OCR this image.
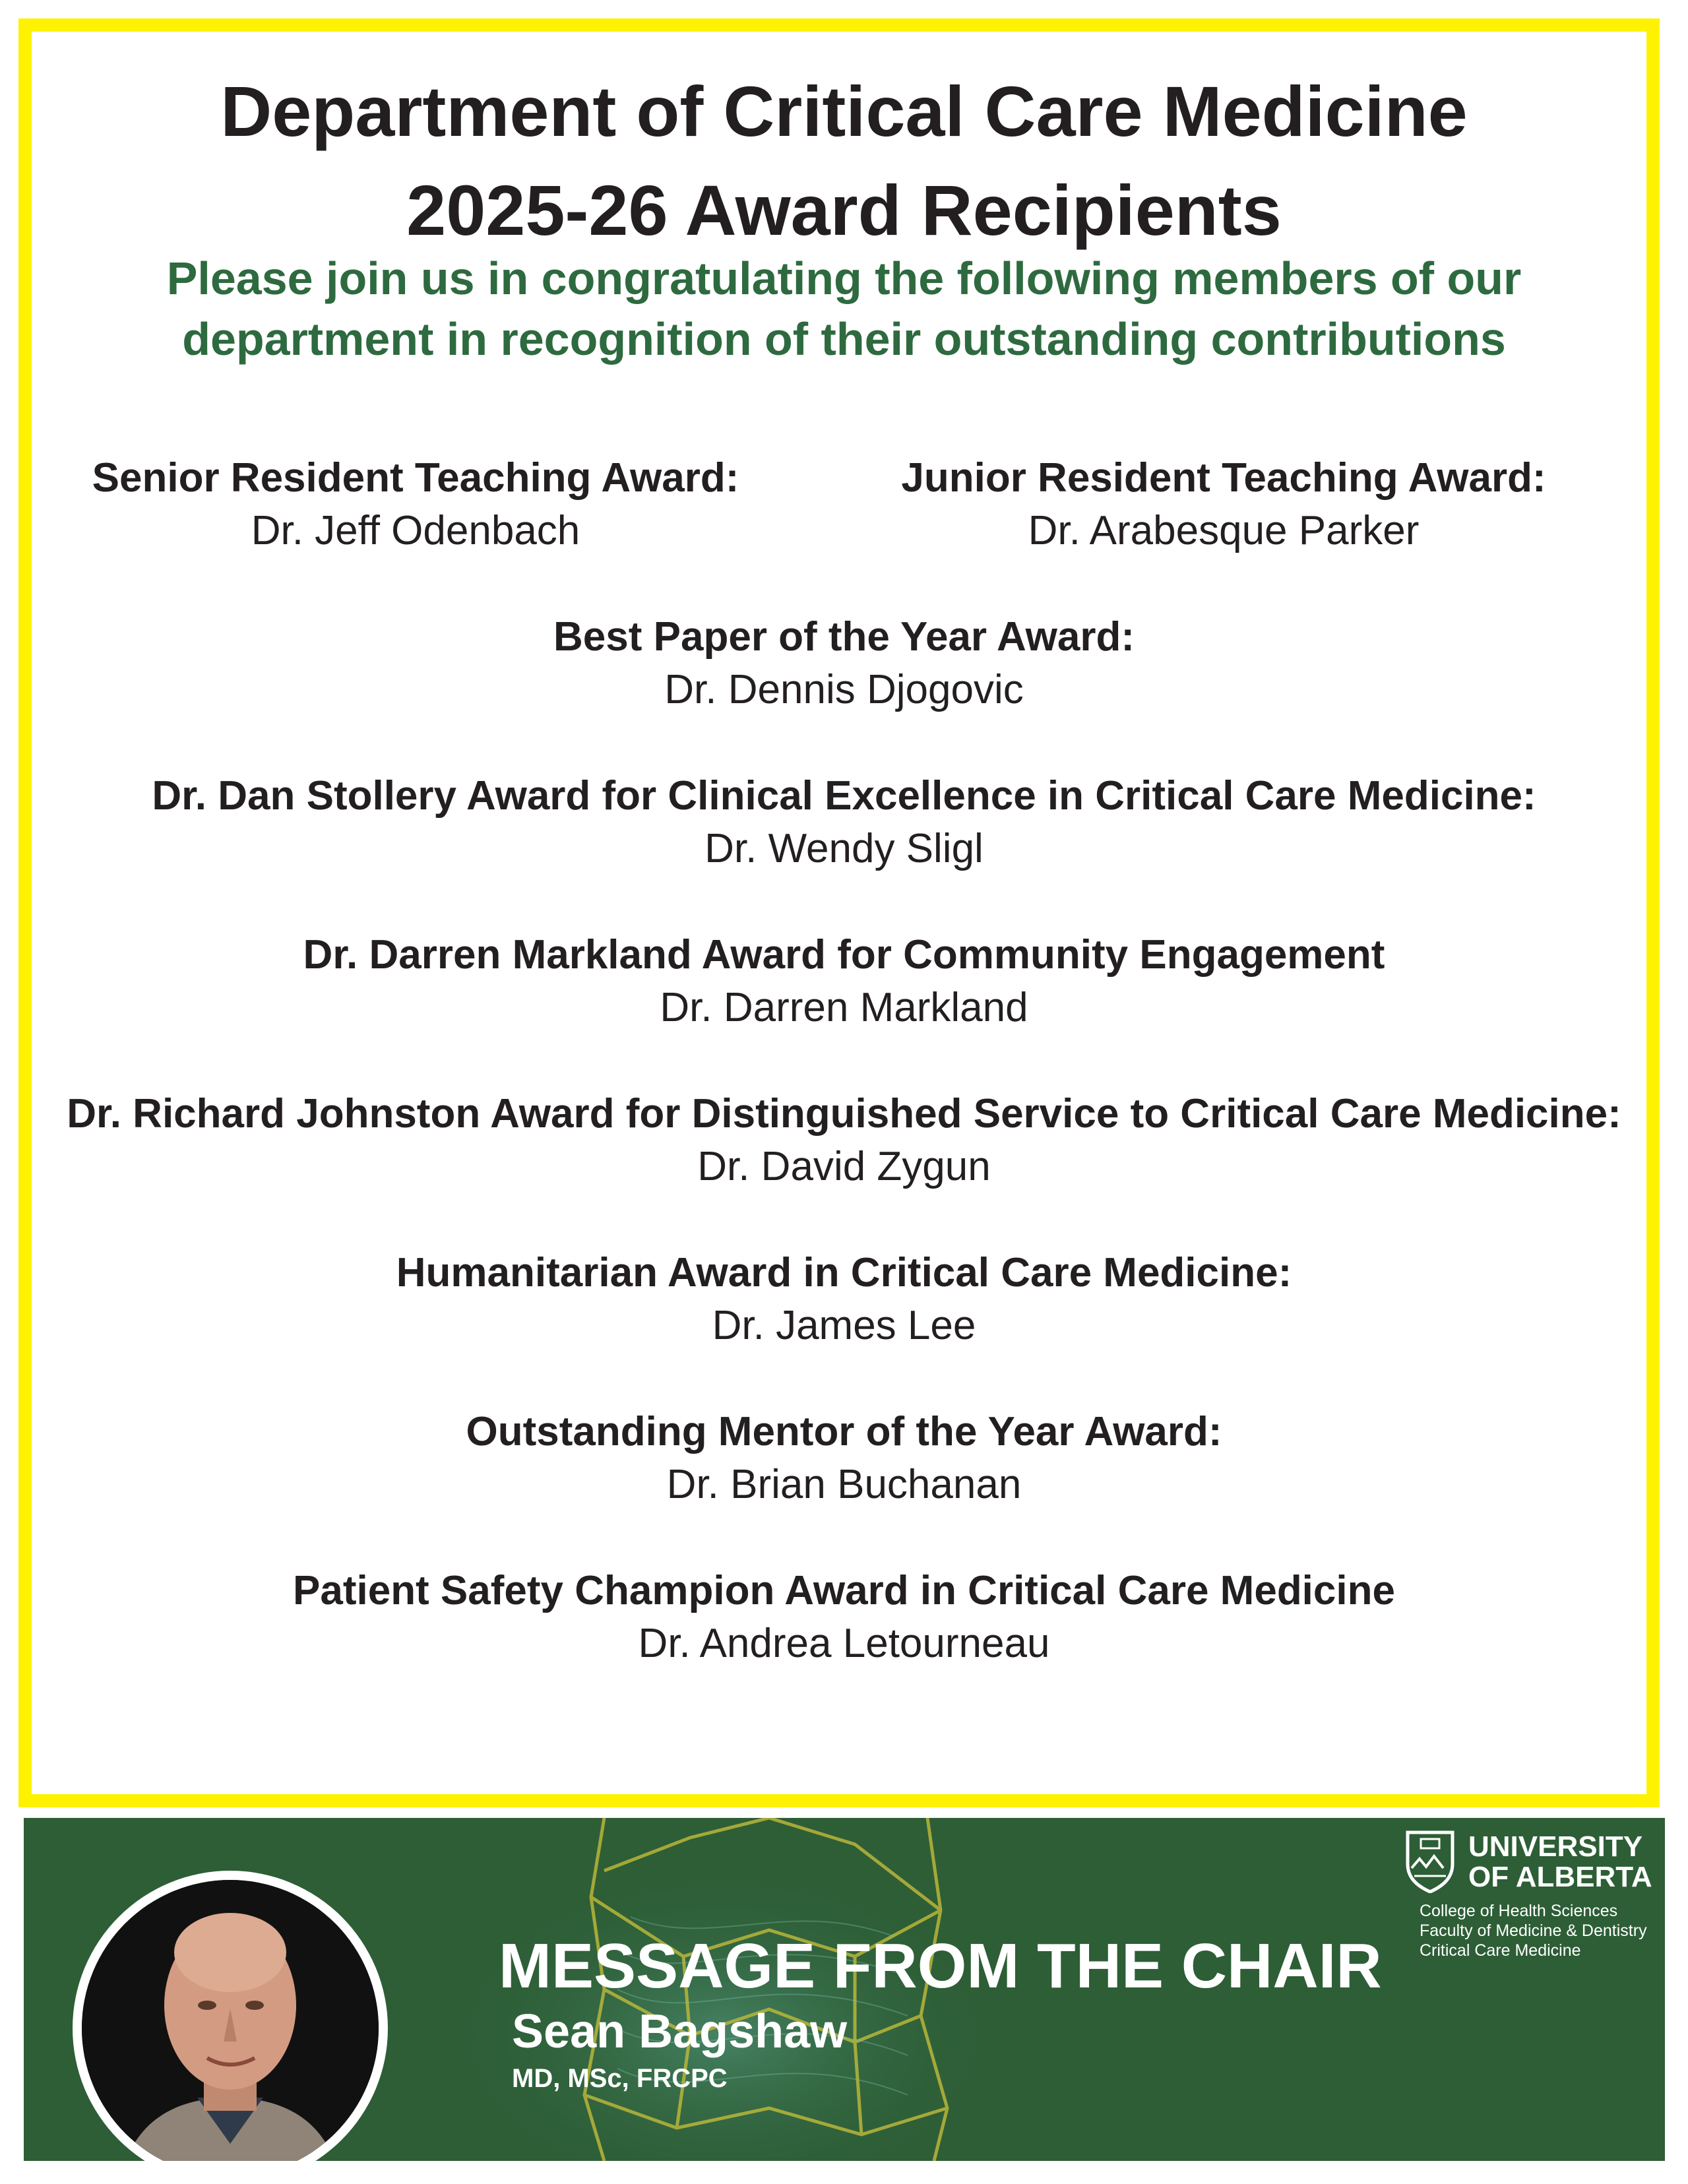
Department of Critical Care Medicine
2025-26 Award Recipients
Please join us in congratulating the following members of our
department in recognition of their outstanding contributions
Senior Resident Teaching Award:
Dr. Jeff Odenbach
Junior Resident Teaching Award:
Dr. Arabesque Parker
Best Paper of the Year Award:
Dr. Dennis Djogovic
Dr. Dan Stollery Award for Clinical Excellence in Critical Care Medicine:
Dr. Wendy Sligl
Dr. Darren Markland Award for Community Engagement
Dr. Darren Markland
Dr. Richard Johnston Award for Distinguished Service to Critical Care Medicine:
Dr. David Zygun
Humanitarian Award in Critical Care Medicine:
Dr. James Lee
Outstanding Mentor of the Year Award:
Dr. Brian Buchanan
Patient Safety Champion Award in Critical Care Medicine
Dr. Andrea Letourneau
MESSAGE FROM THE CHAIR
Sean Bagshaw
MD, MSc, FRCPC
UNIVERSITY
OF ALBERTA
College of Health Sciences
Faculty of Medicine & Dentistry
Critical Care Medicine
